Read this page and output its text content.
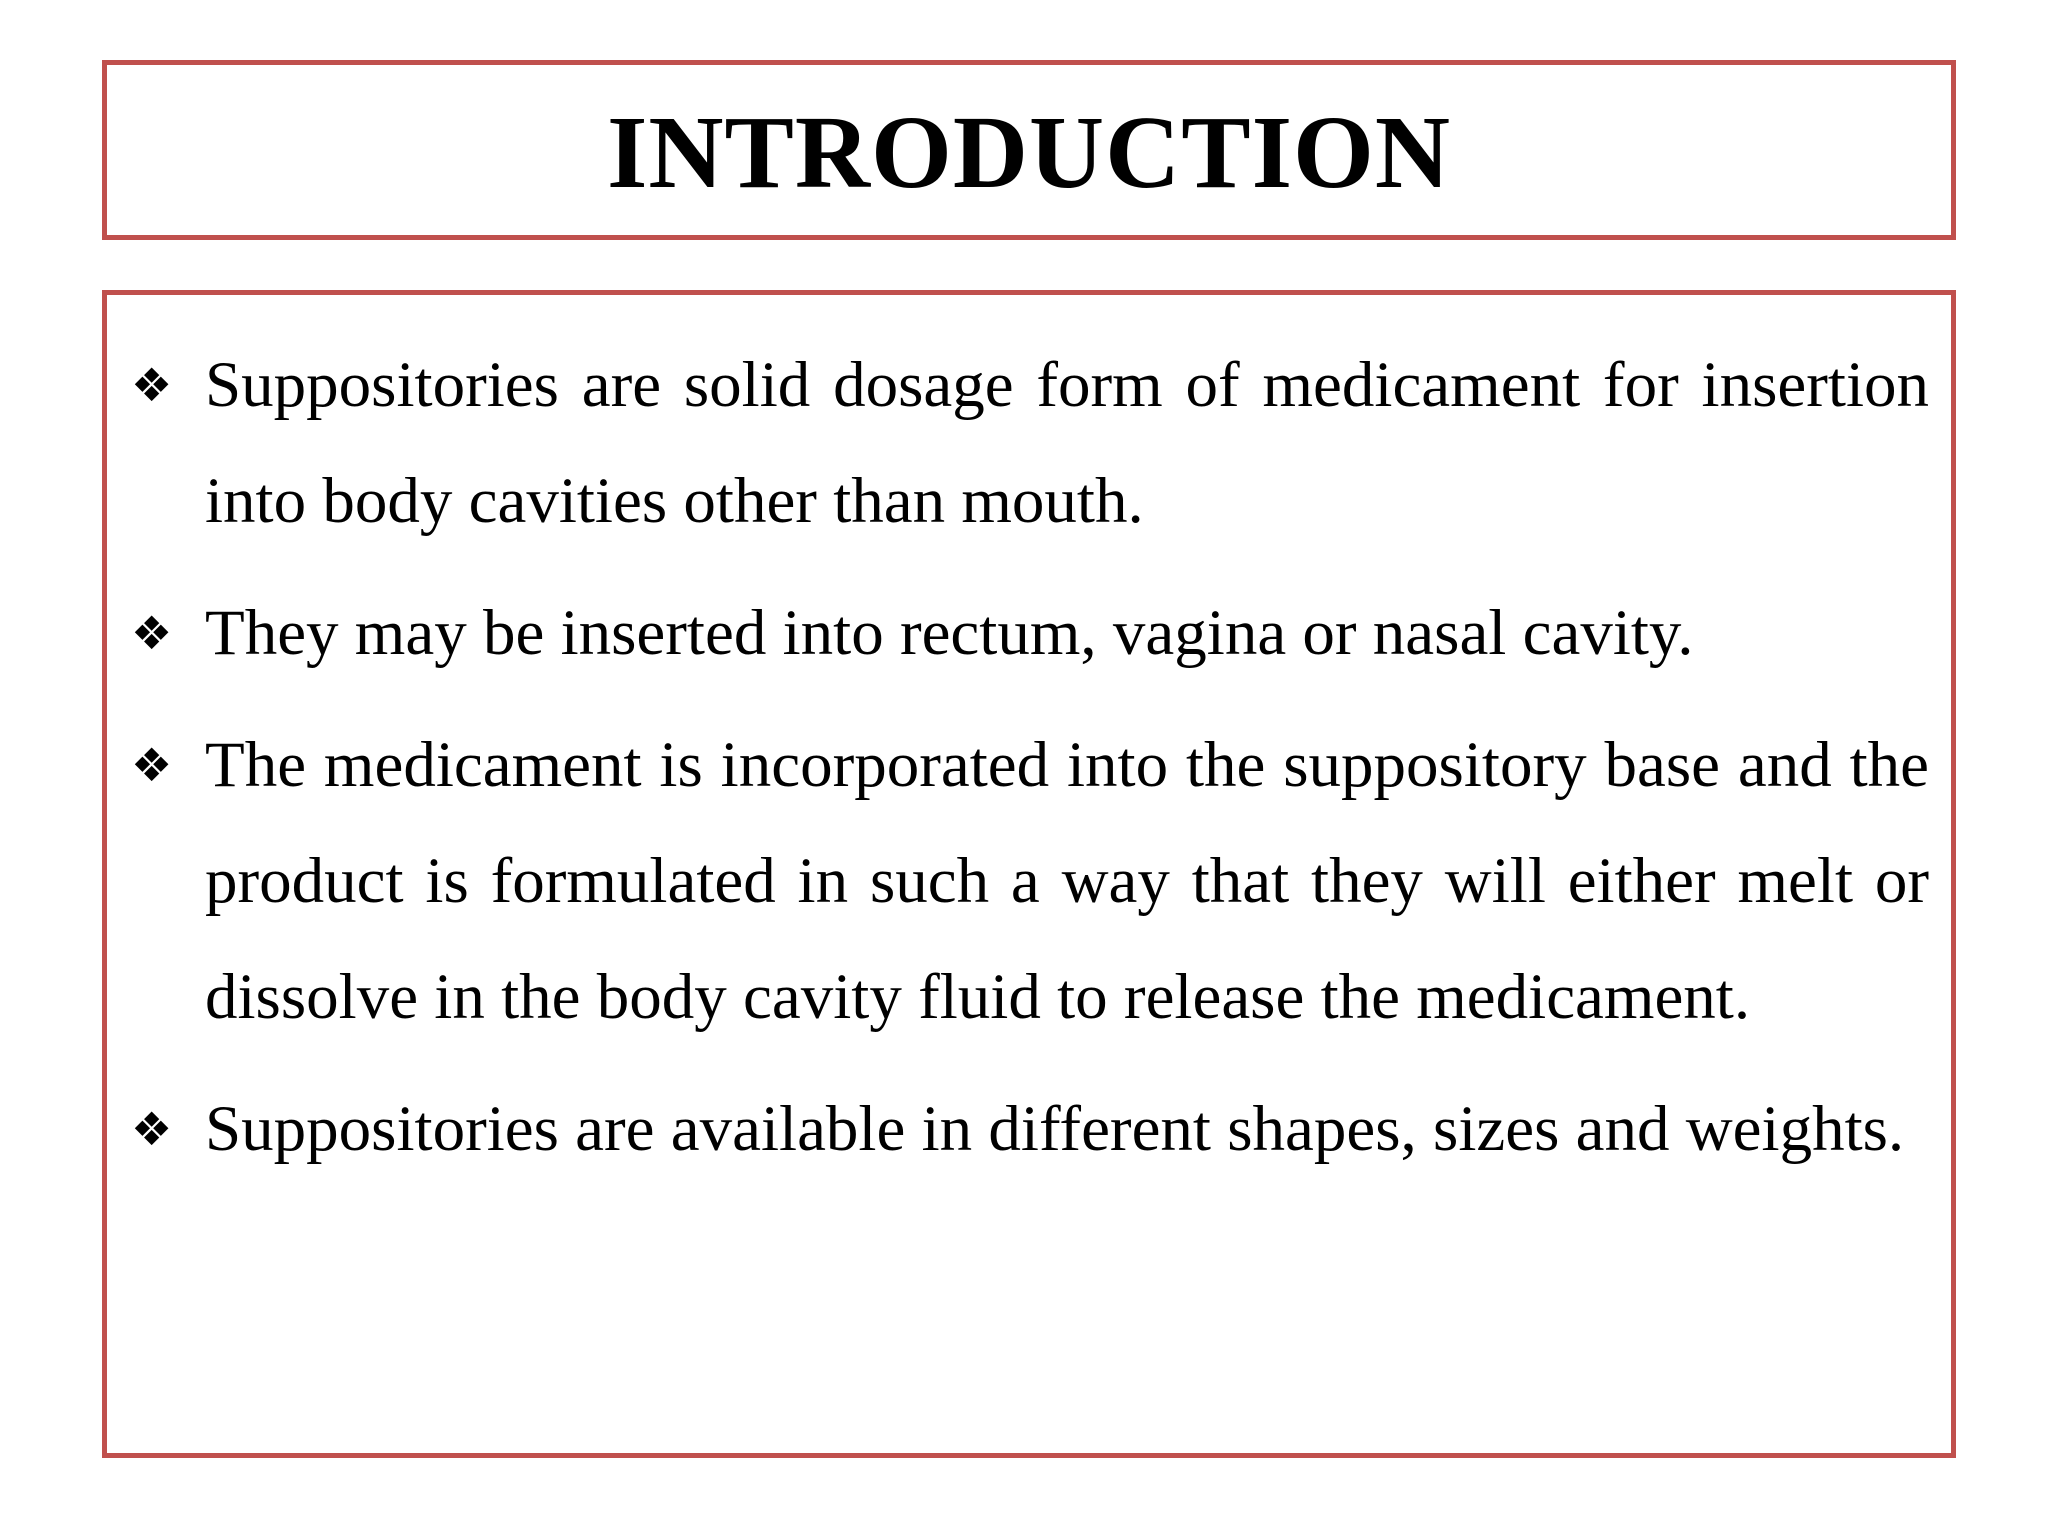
INTRODUCTION
❖ Suppositories are solid dosage form of medicament for insertion into body cavities other than mouth.
❖ They may be inserted into rectum, vagina or nasal cavity.
❖ The medicament is incorporated into the suppository base and the product is formulated in such a way that they will either melt or dissolve in the body cavity fluid to release the medicament.
❖ Suppositories are available in different shapes, sizes and weights.
